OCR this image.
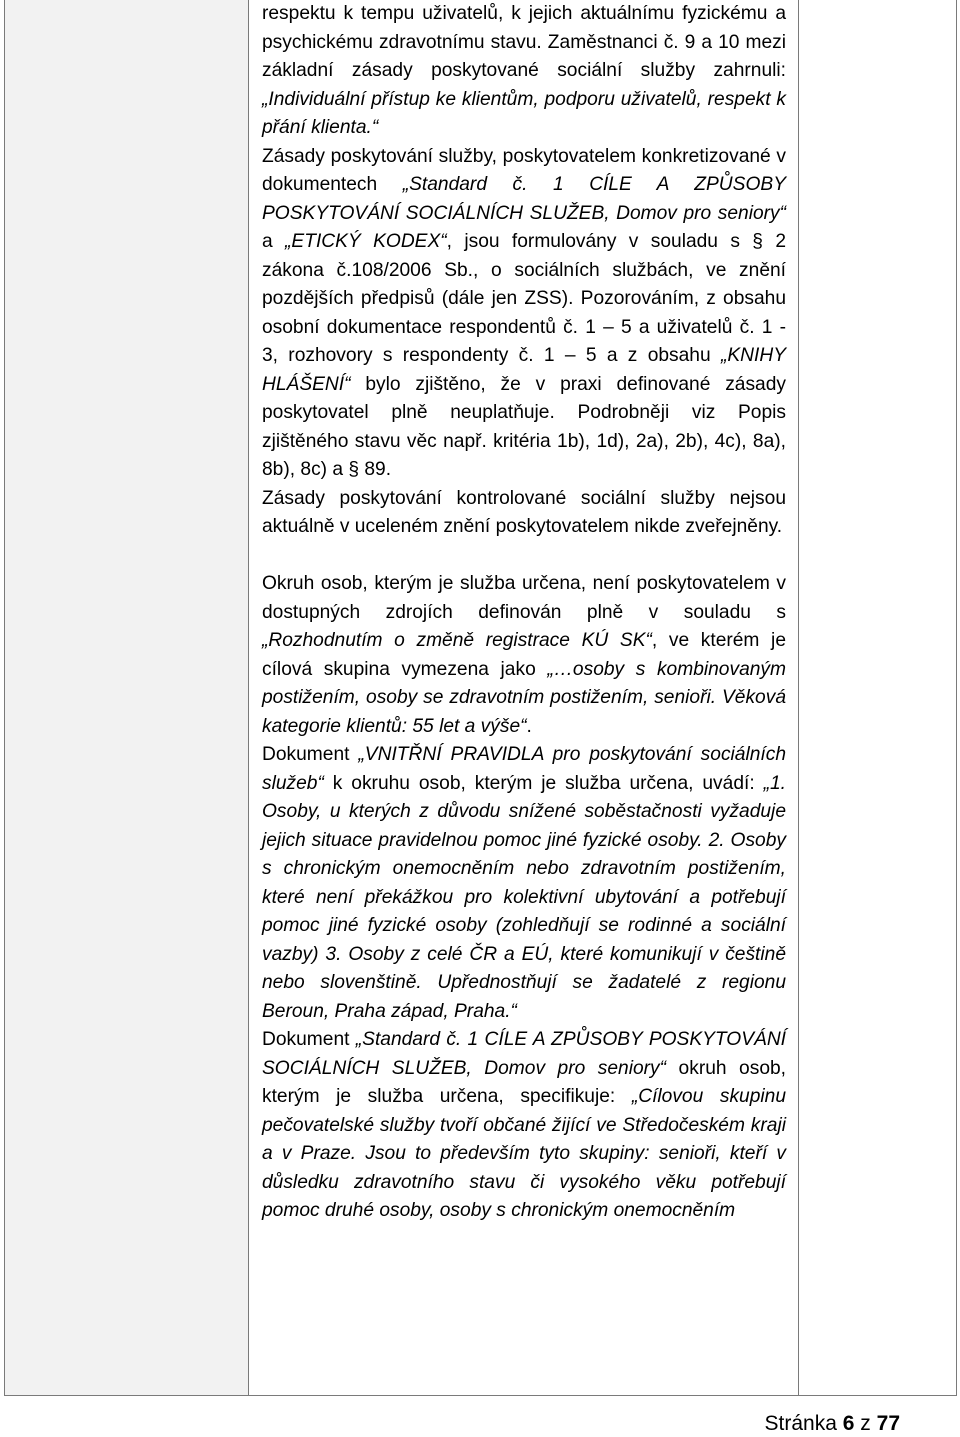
respektu k tempu uživatelů, k jejich aktuálnímu fyzickému a psychickému zdravotnímu stavu. Zaměstnanci č. 9 a 10 mezi základní zásady poskytované sociální služby zahrnuli: „Individuální přístup ke klientům, podporu uživatelů, respekt k přání klienta.“

Zásady poskytování služby, poskytovatelem konkretizované v dokumentech „Standard č. 1 CÍLE A ZPŮSOBY POSKYTOVÁNÍ SOCIÁLNÍCH SLUŽEB, Domov pro seniory“ a „ETICKÝ KODEX“, jsou formulovány v souladu s § 2 zákona č.108/2006 Sb., o sociálních službách, ve znění pozdějších předpisů (dále jen ZSS). Pozorováním, z obsahu osobní dokumentace respondentů č. 1 – 5 a uživatelů č. 1 - 3, rozhovory s respondenty č. 1 – 5 a z obsahu „KNIHY HLÁŠENÍ“ bylo zjištěno, že v praxi definované zásady poskytovatel plně neuplatňuje. Podrobněji viz Popis zjištěného stavu věc např. kritéria 1b), 1d), 2a), 2b), 4c), 8a), 8b), 8c) a § 89.

Zásady poskytování kontrolované sociální služby nejsou aktuálně v uceleném znění poskytovatelem nikde zveřejněny.

Okruh osob, kterým je služba určena, není poskytovatelem v dostupných zdrojích definován plně v souladu s „Rozhodnutím o změně registrace KÚ SK“, ve kterém je cílová skupina vymezena jako „…osoby s kombinovaným postižením, osoby se zdravotním postižením, senioři. Věková kategorie klientů: 55 let a výše“.

Dokument „VNITŘNÍ PRAVIDLA pro poskytování sociálních služeb“ k okruhu osob, kterým je služba určena, uvádí: „1. Osoby, u kterých z důvodu snížené soběstačnosti vyžaduje jejich situace pravidelnou pomoc jiné fyzické osoby. 2. Osoby s chronickým onemocněním nebo zdravotním postižením, které není překážkou pro kolektivní ubytování a potřebují pomoc jiné fyzické osoby (zohledňují se rodinné a sociální vazby) 3. Osoby z celé ČR a EÚ, které komunikují v češtině nebo slovenštině. Upřednostňují se žadatelé z regionu Beroun, Praha západ, Praha.“

Dokument „Standard č. 1 CÍLE A ZPŮSOBY POSKYTOVÁNÍ SOCIÁLNÍCH SLUŽEB, Domov pro seniory“ okruh osob, kterým je služba určena, specifikuje: „Cílovou skupinu pečovatelské služby tvoří občané žijící ve Středočeském kraji a v Praze. Jsou to především tyto skupiny: senioři, kteří v důsledku zdravotního stavu či vysokého věku potřebují pomoc druhé osoby, osoby s chronickým onemocněním

Stránka 6 z 77
